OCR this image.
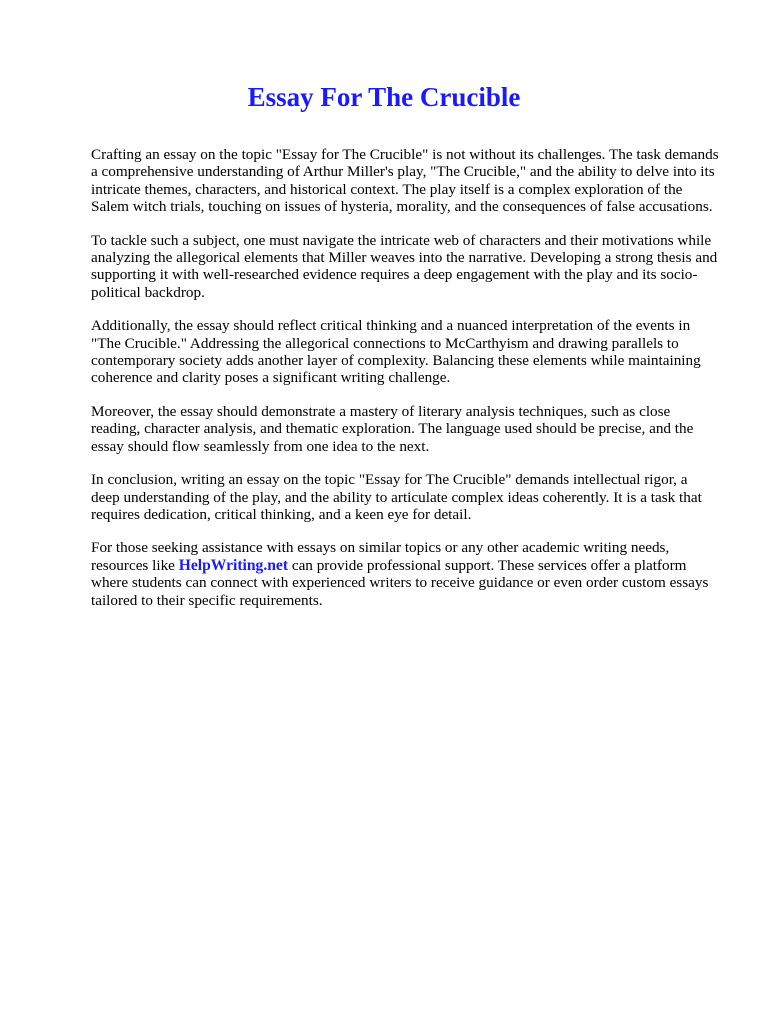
Essay For The Crucible

Crafting an essay on the topic "Essay for The Crucible" is not without its challenges. The task demands a comprehensive understanding of Arthur Miller's play, "The Crucible," and the ability to delve into its intricate themes, characters, and historical context. The play itself is a complex exploration of the Salem witch trials, touching on issues of hysteria, morality, and the consequences of false accusations.

To tackle such a subject, one must navigate the intricate web of characters and their motivations while analyzing the allegorical elements that Miller weaves into the narrative. Developing a strong thesis and supporting it with well-researched evidence requires a deep engagement with the play and its socio-political backdrop.

Additionally, the essay should reflect critical thinking and a nuanced interpretation of the events in "The Crucible." Addressing the allegorical connections to McCarthyism and drawing parallels to contemporary society adds another layer of complexity. Balancing these elements while maintaining coherence and clarity poses a significant writing challenge.

Moreover, the essay should demonstrate a mastery of literary analysis techniques, such as close reading, character analysis, and thematic exploration. The language used should be precise, and the essay should flow seamlessly from one idea to the next.

In conclusion, writing an essay on the topic "Essay for The Crucible" demands intellectual rigor, a deep understanding of the play, and the ability to articulate complex ideas coherently. It is a task that requires dedication, critical thinking, and a keen eye for detail.

For those seeking assistance with essays on similar topics or any other academic writing needs, resources like HelpWriting.net can provide professional support. These services offer a platform where students can connect with experienced writers to receive guidance or even order custom essays tailored to their specific requirements.
